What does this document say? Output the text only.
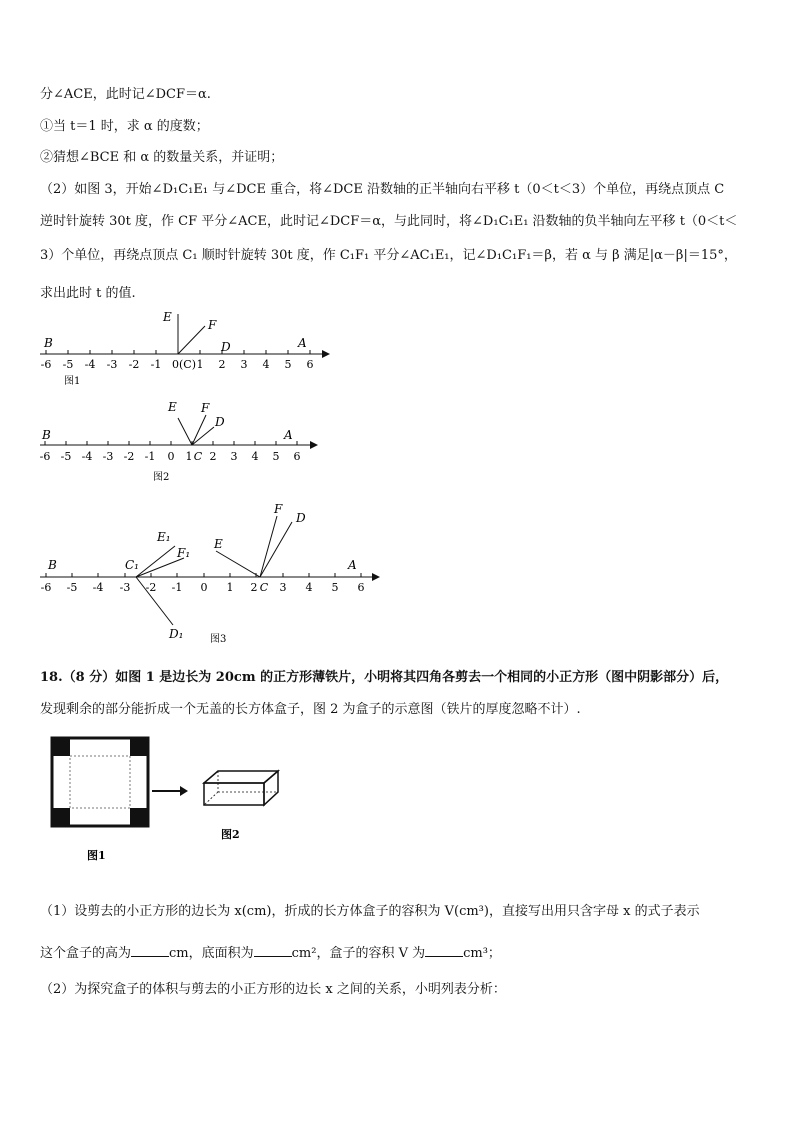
分∠ACE，此时记∠DCF＝α.
①当 t＝1 时，求 α 的度数；
②猜想∠BCE 和 α 的数量关系，并证明；
（2）如图 3，开始∠D₁C₁E₁ 与∠DCE 重合，将∠DCE 沿数轴的正半轴向右平移 t（0＜t＜3）个单位，再绕点顶点 C
逆时针旋转 30t 度，作 CF 平分∠ACE，此时记∠DCF＝α，与此同时，将∠D₁C₁E₁ 沿数轴的负半轴向左平移 t（0＜t＜
3）个单位，再绕点顶点 C₁ 顺时针旋转 30t 度，作 C₁F₁ 平分∠AC₁E₁，记∠D₁C₁F₁＝β，若 α 与 β 满足|α－β|＝15°，
求出此时 t 的值.
-6 -5 -4 -3 -2 -1 0(C) 1 2 3 4 5 6
B	A
E
F
D
图1
-6 -5 -4 -3 -2 -1 0 1 C 2 3 4 5 6
B	A
E F
D
图2
-6 -5 -4 -3 -2 -1 0 1 2 C 3 4 5 6
B	A
C₁
E₁
F₁
D₁
E
F
D
图3
18.（8 分）如图 1 是边长为 20cm 的正方形薄铁片，小明将其四角各剪去一个相同的小正方形（图中阴影部分）后，
发现剩余的部分能折成一个无盖的长方体盒子，图 2 为盒子的示意图（铁片的厚度忽略不计）.
图1
图2
（1）设剪去的小正方形的边长为 x(cm)，折成的长方体盒子的容积为 V(cm³)，直接写出用只含字母 x 的式子表示
这个盒子的高为	cm，底面积为	cm²，盒子的容积 V 为	cm³；
（2）为探究盒子的体积与剪去的小正方形的边长 x 之间的关系，小明列表分析：
